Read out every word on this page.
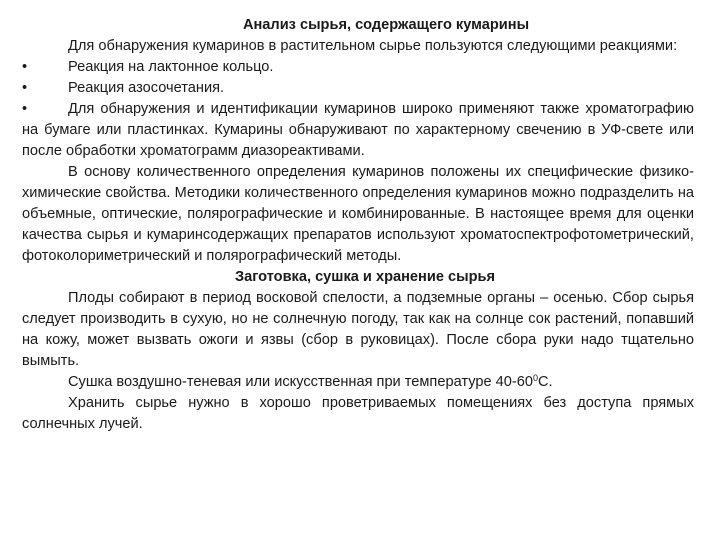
Анализ сырья, содержащего кумарины

Для обнаружения кумаринов в растительном сырье пользуются следующими реакциями:

•	Реакция на лактонное кольцо.
•	Реакция азосочетания.
•	Для обнаружения и идентификации кумаринов широко применяют также хроматографию на бумаге или пластинках. Кумарины обнаруживают по характерному свечению в УФ-свете или после обработки хроматограмм диазореактивами.

В основу количественного определения кумаринов положены их специфические физико-химические свойства. Методики количественного определения кумаринов можно подразделить на объемные, оптические, полярографические и комбинированные. В настоящее время для оценки качества сырья и кумаринсодержащих препаратов используют хроматоспектрофотометрический, фотоколориметрический и полярографический методы.

Заготовка, сушка и хранение сырья

Плоды собирают в период восковой спелости, а подземные органы – осенью. Сбор сырья следует производить в сухую, но не солнечную погоду, так как на солнце сок растений, попавший на кожу, может вызвать ожоги и язвы (сбор в руковицах). После сбора руки надо тщательно вымыть.

Сушка воздушно-теневая или искусственная при температуре $40-60^0С$.

Хранить сырье нужно в хорошо проветриваемых помещениях без доступа прямых солнечных лучей.
